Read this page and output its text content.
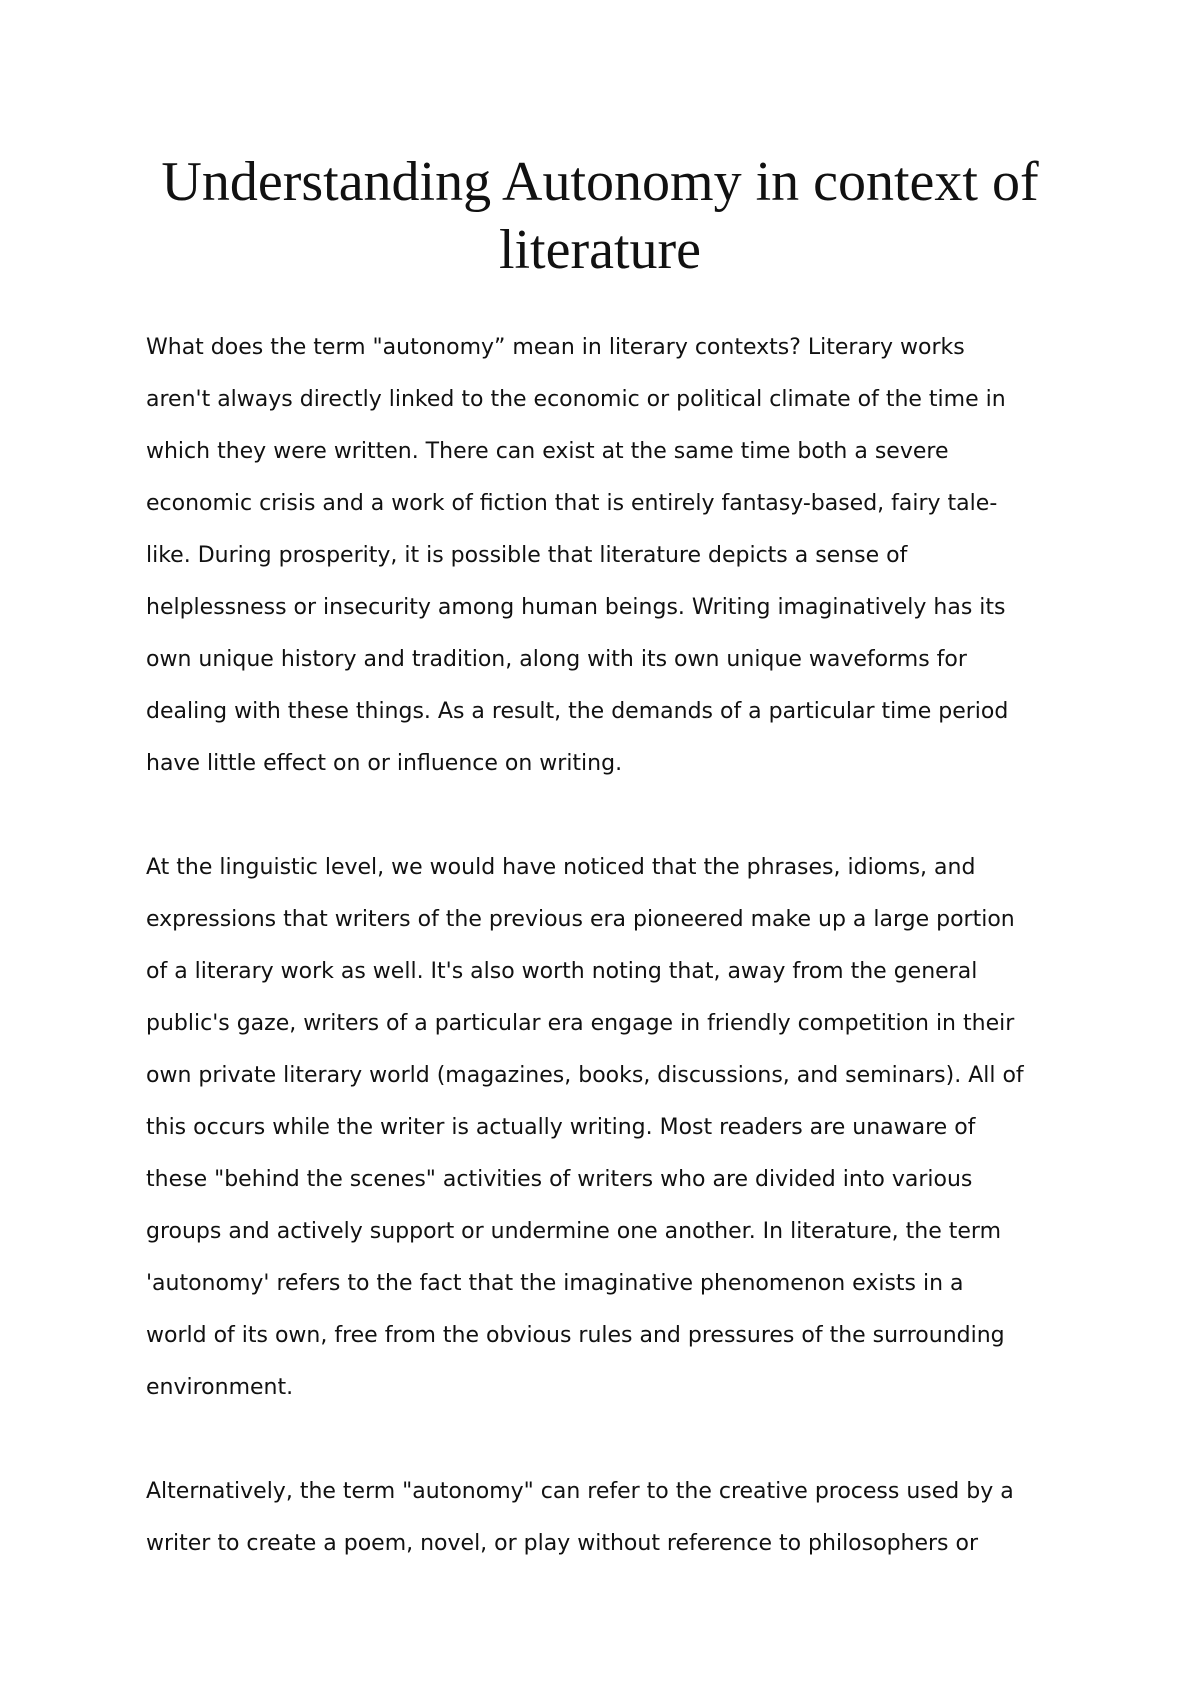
Understanding Autonomy in context of
literature

What does the term "autonomy” mean in literary contexts? Literary works
aren't always directly linked to the economic or political climate of the time in
which they were written. There can exist at the same time both a severe
economic crisis and a work of fiction that is entirely fantasy-based, fairy tale-
like. During prosperity, it is possible that literature depicts a sense of
helplessness or insecurity among human beings. Writing imaginatively has its
own unique history and tradition, along with its own unique waveforms for
dealing with these things. As a result, the demands of a particular time period
have little effect on or influence on writing.

At the linguistic level, we would have noticed that the phrases, idioms, and
expressions that writers of the previous era pioneered make up a large portion
of a literary work as well. It's also worth noting that, away from the general
public's gaze, writers of a particular era engage in friendly competition in their
own private literary world (magazines, books, discussions, and seminars). All of
this occurs while the writer is actually writing. Most readers are unaware of
these "behind the scenes" activities of writers who are divided into various
groups and actively support or undermine one another. In literature, the term
'autonomy' refers to the fact that the imaginative phenomenon exists in a
world of its own, free from the obvious rules and pressures of the surrounding
environment.

Alternatively, the term "autonomy" can refer to the creative process used by a
writer to create a poem, novel, or play without reference to philosophers or
